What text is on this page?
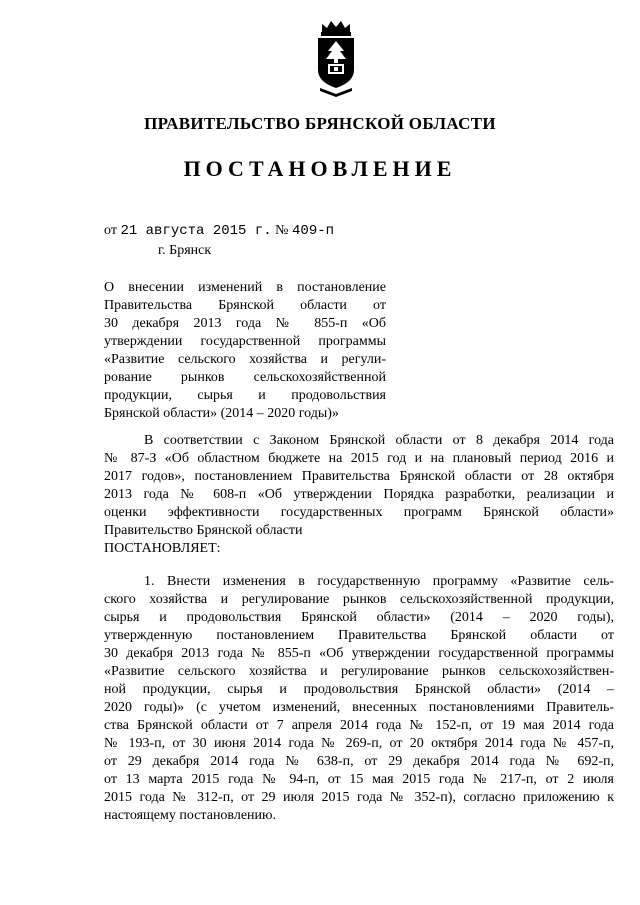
ПРАВИТЕЛЬСТВО БРЯНСКОЙ ОБЛАСТИ
ПОСТАНОВЛЕНИЕ
от 21 августа 2015 г. № 409-п
г. Брянск
О внесении изменений в постановление
Правительства Брянской области от
30 декабря 2013 года № 855-п «Об
утверждении государственной программы
«Развитие сельского хозяйства и регули-
рование рынков сельскохозяйственной
продукции, сырья и продовольствия
Брянской области» (2014 – 2020 годы)»
В соответствии с Законом Брянской области от 8 декабря 2014 года
№ 87-З «Об областном бюджете на 2015 год и на плановый период 2016 и
2017 годов», постановлением Правительства Брянской области от 28 октября
2013 года № 608-п «Об утверждении Порядка разработки, реализации и
оценки эффективности государственных программ Брянской области»
Правительство Брянской области
ПОСТАНОВЛЯЕТ:
1. Внести изменения в государственную программу «Развитие сель-
ского хозяйства и регулирование рынков сельскохозяйственной продукции,
сырья и продовольствия Брянской области» (2014 – 2020 годы),
утвержденную постановлением Правительства Брянской области от
30 декабря 2013 года № 855-п «Об утверждении государственной программы
«Развитие сельского хозяйства и регулирование рынков сельскохозяйствен-
ной продукции, сырья и продовольствия Брянской области» (2014 –
2020 годы)» (с учетом изменений, внесенных постановлениями Правитель-
ства Брянской области от 7 апреля 2014 года № 152-п, от 19 мая 2014 года
№ 193-п, от 30 июня 2014 года № 269-п, от 20 октября 2014 года № 457-п,
от 29 декабря 2014 года № 638-п, от 29 декабря 2014 года № 692-п,
от 13 марта 2015 года № 94-п, от 15 мая 2015 года № 217-п, от 2 июля
2015 года № 312-п, от 29 июля 2015 года № 352-п), согласно приложению к
настоящему постановлению.
